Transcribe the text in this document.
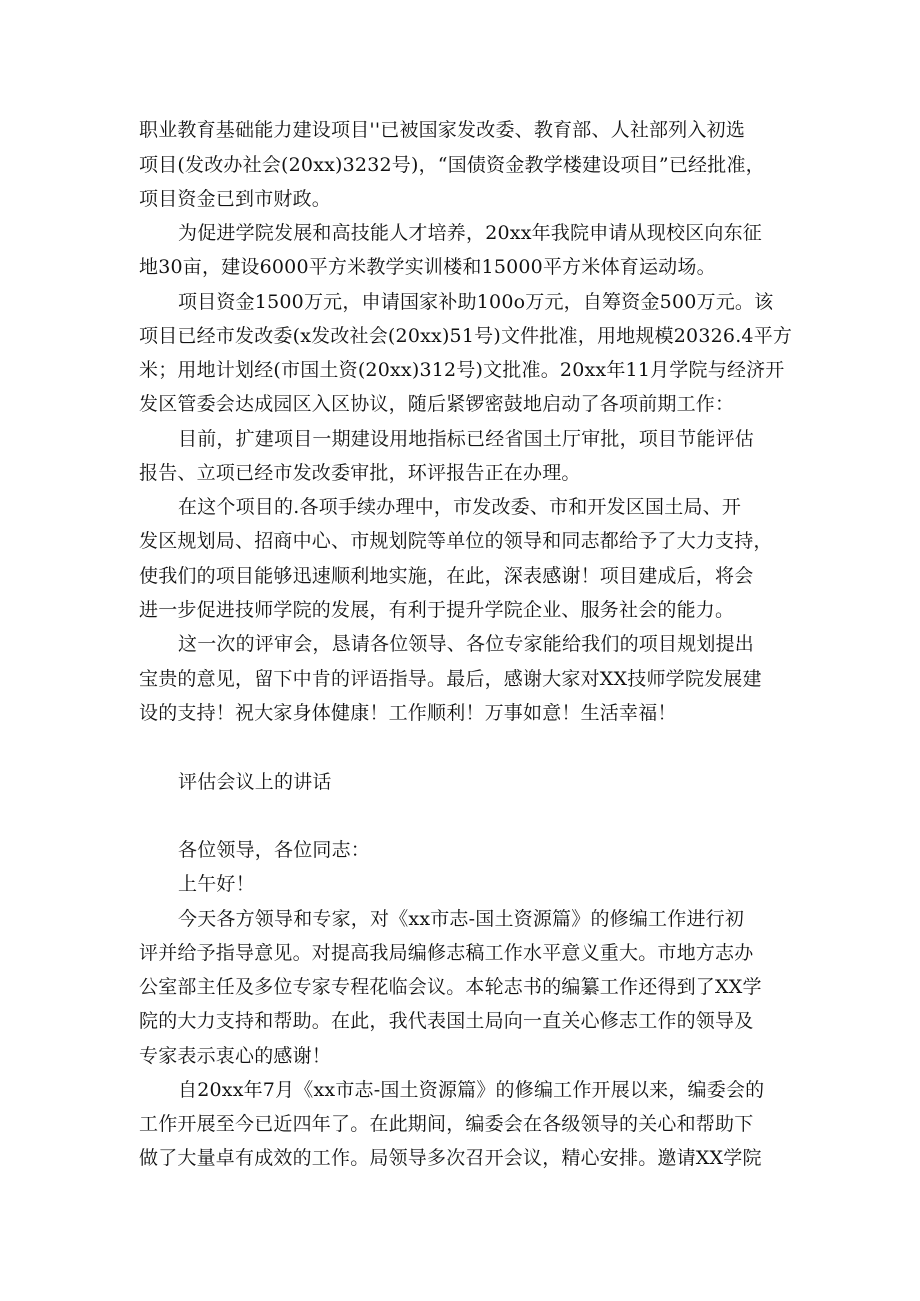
职业教育基础能力建设项目''已被国家发改委、教育部、人社部列入初选
项目(发改办社会(20xx)3232号)，“国债资金教学楼建设项目”已经批准，
项目资金已到市财政。
为促进学院发展和高技能人才培养，20xx年我院申请从现校区向东征
地30亩，建设6000平方米教学实训楼和15000平方米体育运动场。
项目资金1500万元，申请国家补助100o万元，自筹资金500万元。该
项目已经市发改委(x发改社会(20xx)51号)文件批准，用地规模20326.4平方
米；用地计划经(市国土资(20xx)312号)文批准。20xx年11月学院与经济开
发区管委会达成园区入区协议，随后紧锣密鼓地启动了各项前期工作：
目前，扩建项目一期建设用地指标已经省国土厅审批，项目节能评估
报告、立项已经市发改委审批，环评报告正在办理。
在这个项目的.各项手续办理中，市发改委、市和开发区国土局、开
发区规划局、招商中心、市规划院等单位的领导和同志都给予了大力支持，
使我们的项目能够迅速顺利地实施，在此，深表感谢！项目建成后，将会
进一步促进技师学院的发展，有利于提升学院企业、服务社会的能力。
这一次的评审会，恳请各位领导、各位专家能给我们的项目规划提出
宝贵的意见，留下中肯的评语指导。最后，感谢大家对XX技师学院发展建
设的支持！祝大家身体健康！工作顺利！万事如意！生活幸福！
评估会议上的讲话
各位领导，各位同志：
上午好！
今天各方领导和专家，对《xx市志-国土资源篇》的修编工作进行初
评并给予指导意见。对提高我局编修志稿工作水平意义重大。市地方志办
公室部主任及多位专家专程花临会议。本轮志书的编纂工作还得到了XX学
院的大力支持和帮助。在此，我代表国土局向一直关心修志工作的领导及
专家表示衷心的感谢！
自20xx年7月《xx市志-国土资源篇》的修编工作开展以来，编委会的
工作开展至今已近四年了。在此期间，编委会在各级领导的关心和帮助下
做了大量卓有成效的工作。局领导多次召开会议，精心安排。邀请XX学院
